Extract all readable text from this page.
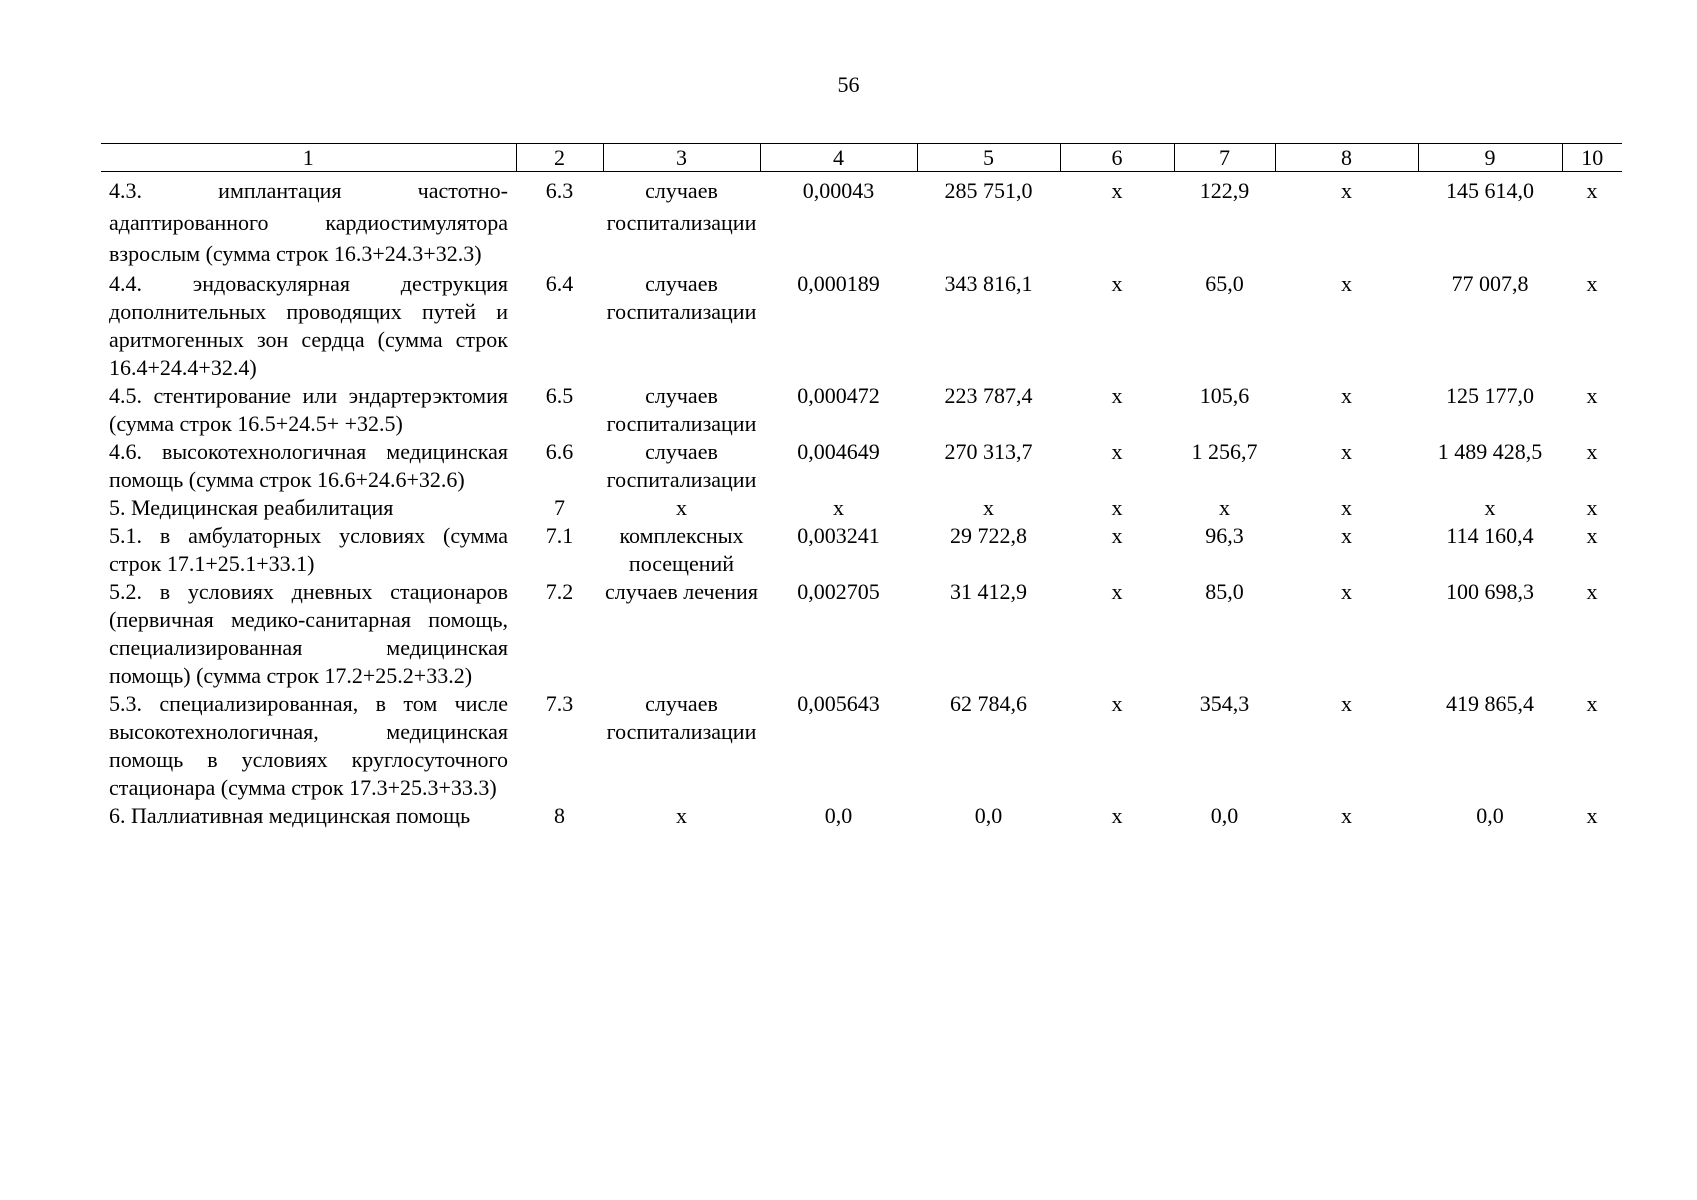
56
1	2	3	4	5	6	7	8	9	10
4.3. имплантация частотно-адаптированного кардиостимулятора взрослым (сумма строк 16.3+24.3+32.3)	6.3	случаев госпитализации	0,00043	285 751,0	х	122,9	х	145 614,0	х
4.4. эндоваскулярная деструкция дополнительных проводящих путей и аритмогенных зон сердца (сумма строк 16.4+24.4+32.4)	6.4	случаев госпитализации	0,000189	343 816,1	х	65,0	х	77 007,8	х
4.5. стентирование или эндартерэктомия (сумма строк 16.5+24.5+ +32.5)	6.5	случаев госпитализации	0,000472	223 787,4	х	105,6	х	125 177,0	х
4.6. высокотехнологичная медицинская помощь (сумма строк 16.6+24.6+32.6)	6.6	случаев госпитализации	0,004649	270 313,7	х	1 256,7	х	1 489 428,5	х
5. Медицинская реабилитация	7	х	х	х	х	х	х	х	х
5.1. в амбулаторных условиях (сумма строк 17.1+25.1+33.1)	7.1	комплексных посещений	0,003241	29 722,8	х	96,3	х	114 160,4	х
5.2. в условиях дневных стационаров (первичная медико-санитарная помощь, специализированная медицинская помощь) (сумма строк 17.2+25.2+33.2)	7.2	случаев лечения	0,002705	31 412,9	х	85,0	х	100 698,3	х
5.3. специализированная, в том числе высокотехнологичная, медицинская помощь в условиях круглосуточного стационара (сумма строк 17.3+25.3+33.3)	7.3	случаев госпитализации	0,005643	62 784,6	х	354,3	х	419 865,4	х
6. Паллиативная медицинская помощь	8	х	0,0	0,0	х	0,0	х	0,0	х
